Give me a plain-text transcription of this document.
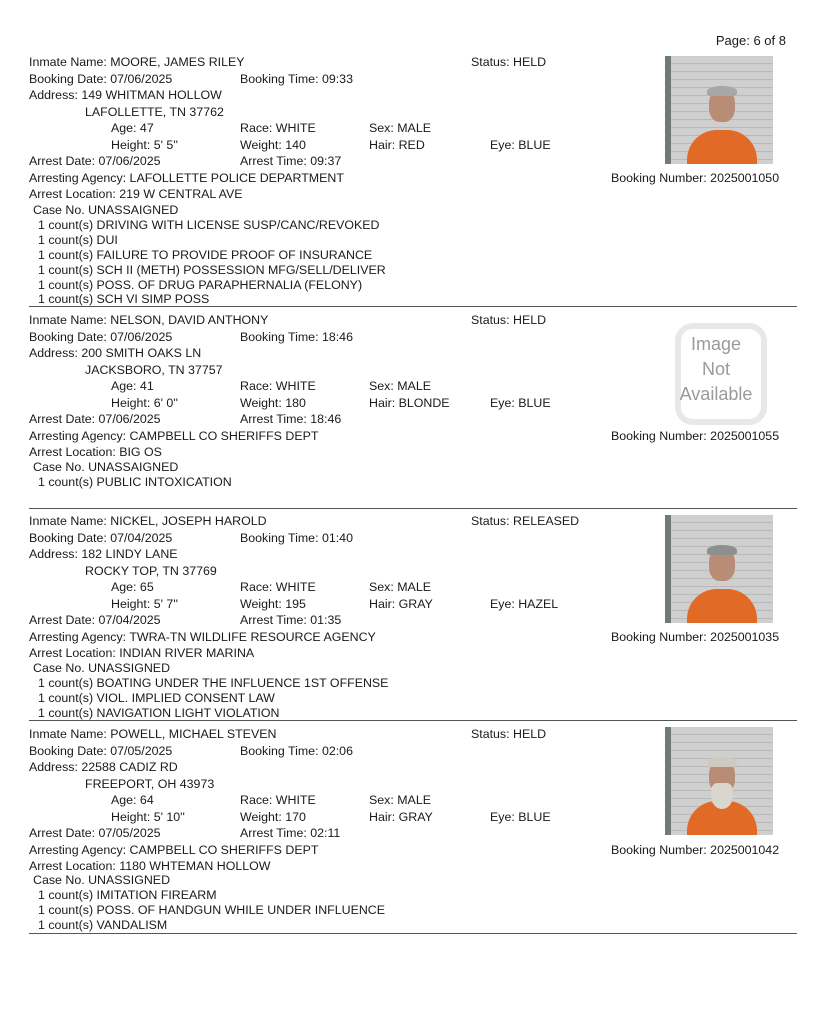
Page: 6 of 8
Inmate Name: MOORE, JAMES RILEY	Status: HELD
Booking Date: 07/06/2025	Booking Time: 09:33
Address: 149 WHITMAN HOLLOW
LAFOLLETTE, TN 37762
Age: 47	Race: WHITE	Sex: MALE
Height: 5' 5''	Weight: 140	Hair: RED	Eye: BLUE
Arrest Date: 07/06/2025	Arrest Time: 09:37
Arresting Agency: LAFOLLETTE POLICE DEPARTMENT	Booking Number: 2025001050
Arrest Location: 219 W CENTRAL AVE
Case No. UNASSAIGNED
1 count(s) DRIVING WITH LICENSE SUSP/CANC/REVOKED
1 count(s) DUI
1 count(s) FAILURE TO PROVIDE PROOF OF INSURANCE
1 count(s) SCH II (METH) POSSESSION MFG/SELL/DELIVER
1 count(s) POSS. OF DRUG PARAPHERNALIA (FELONY)
1 count(s) SCH VI SIMP POSS
Inmate Name: NELSON, DAVID ANTHONY	Status: HELD
Booking Date: 07/06/2025	Booking Time: 18:46
Address: 200 SMITH OAKS LN
JACKSBORO, TN 37757
Age: 41	Race: WHITE	Sex: MALE
Height: 6' 0''	Weight: 180	Hair: BLONDE	Eye: BLUE
Arrest Date: 07/06/2025	Arrest Time: 18:46
Arresting Agency: CAMPBELL CO SHERIFFS DEPT	Booking Number: 2025001055
Arrest Location: BIG OS
Case No. UNASSAIGNED
1 count(s) PUBLIC INTOXICATION
Image
Not
Available
Inmate Name: NICKEL, JOSEPH HAROLD	Status: RELEASED
Booking Date: 07/04/2025	Booking Time: 01:40
Address: 182 LINDY LANE
ROCKY TOP, TN 37769
Age: 65	Race: WHITE	Sex: MALE
Height: 5' 7''	Weight: 195	Hair: GRAY	Eye: HAZEL
Arrest Date: 07/04/2025	Arrest Time: 01:35
Arresting Agency: TWRA-TN WILDLIFE RESOURCE AGENCY	Booking Number: 2025001035
Arrest Location: INDIAN RIVER MARINA
Case No. UNASSIGNED
1 count(s) BOATING UNDER THE INFLUENCE 1ST OFFENSE
1 count(s) VIOL. IMPLIED CONSENT LAW
1 count(s) NAVIGATION LIGHT VIOLATION
Inmate Name: POWELL, MICHAEL STEVEN	Status: HELD
Booking Date: 07/05/2025	Booking Time: 02:06
Address: 22588 CADIZ RD
FREEPORT, OH 43973
Age: 64	Race: WHITE	Sex: MALE
Height: 5' 10''	Weight: 170	Hair: GRAY	Eye: BLUE
Arrest Date: 07/05/2025	Arrest Time: 02:11
Arresting Agency: CAMPBELL CO SHERIFFS DEPT	Booking Number: 2025001042
Arrest Location: 1180 WHTEMAN HOLLOW
Case No. UNASSIGNED
1 count(s) IMITATION FIREARM
1 count(s) POSS. OF HANDGUN WHILE UNDER INFLUENCE
1 count(s) VANDALISM
